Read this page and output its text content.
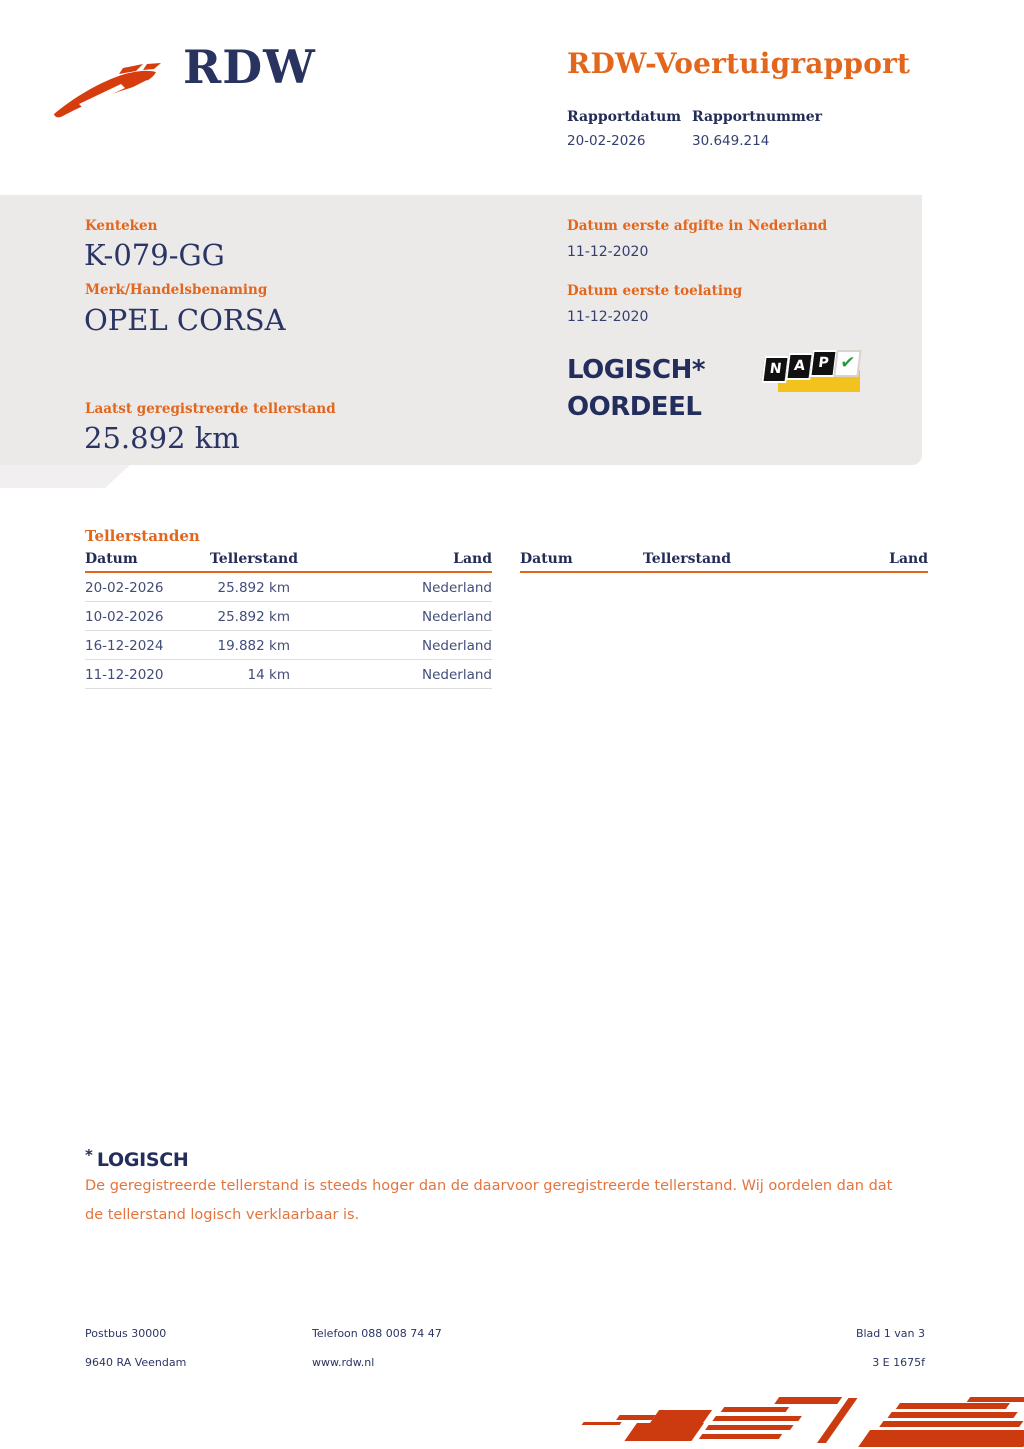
RDW	RDW-Voertuigrapport
Rapportdatum Rapportnummer
20-02-2026	30.649.214
Kenteken
K-079-GG
Merk/Handelsbenaming
OPEL CORSA
Laatst geregistreerde tellerstand
25.892 km
Datum eerste afgifte in Nederland
11-12-2020
Datum eerste toelating
11-12-2020
LOGISCH*
OORDEEL
N A P ✔
Tellerstanden
Datum	Tellerstand	Land
20-02-2026	25.892 km	Nederland
10-02-2026	25.892 km	Nederland
16-12-2024	19.882 km	Nederland
11-12-2020	14 km	Nederland
Datum	Tellerstand	Land
* LOGISCH
De geregistreerde tellerstand is steeds hoger dan de daarvoor geregistreerde tellerstand. Wij oordelen dan dat de tellerstand logisch verklaarbaar is.
Postbus 30000
9640 RA Veendam
Telefoon 088 008 74 47
www.rdw.nl
Blad 1 van 3
3 E 1675f
